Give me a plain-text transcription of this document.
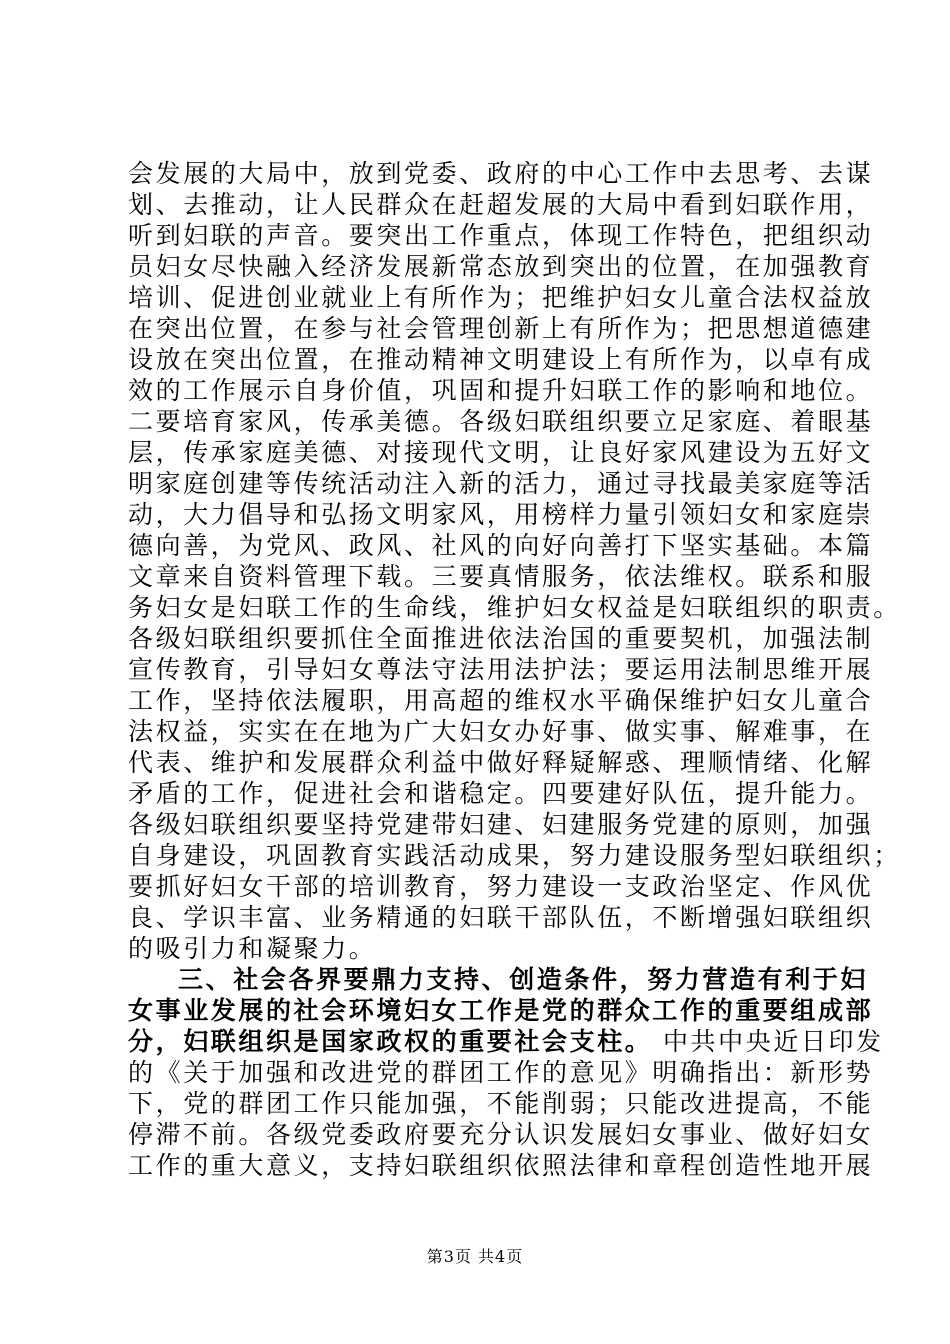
会发展的大局中，放到党委、政府的中心工作中去思考、去谋
划、去推动，让人民群众在赶超发展的大局中看到妇联作用，
听到妇联的声音。要突出工作重点，体现工作特色，把组织动
员妇女尽快融入经济发展新常态放到突出的位置，在加强教育
培训、促进创业就业上有所作为；把维护妇女儿童合法权益放
在突出位置，在参与社会管理创新上有所作为；把思想道德建
设放在突出位置，在推动精神文明建设上有所作为，以卓有成
效的工作展示自身价值，巩固和提升妇联工作的影响和地位。
二要培育家风，传承美德。各级妇联组织要立足家庭、着眼基
层，传承家庭美德、对接现代文明，让良好家风建设为五好文
明家庭创建等传统活动注入新的活力，通过寻找最美家庭等活
动，大力倡导和弘扬文明家风，用榜样力量引领妇女和家庭崇
德向善，为党风、政风、社风的向好向善打下坚实基础。本篇
文章来自资料管理下载。三要真情服务，依法维权。联系和服
务妇女是妇联工作的生命线，维护妇女权益是妇联组织的职责。
各级妇联组织要抓住全面推进依法治国的重要契机，加强法制
宣传教育，引导妇女尊法守法用法护法；要运用法制思维开展
工作，坚持依法履职，用高超的维权水平确保维护妇女儿童合
法权益，实实在在地为广大妇女办好事、做实事、解难事，在
代表、维护和发展群众利益中做好释疑解惑、理顺情绪、化解
矛盾的工作，促进社会和谐稳定。四要建好队伍，提升能力。
各级妇联组织要坚持党建带妇建、妇建服务党建的原则，加强
自身建设，巩固教育实践活动成果，努力建设服务型妇联组织；
要抓好妇女干部的培训教育，努力建设一支政治坚定、作风优
良、学识丰富、业务精通的妇联干部队伍，不断增强妇联组织
的吸引力和凝聚力。
三、社会各界要鼎力支持、创造条件，努力营造有利于妇
女事业发展的社会环境妇女工作是党的群众工作的重要组成部
分，妇联组织是国家政权的重要社会支柱。 中共中央近日印发
的《关于加强和改进党的群团工作的意见》明确指出：新形势
下，党的群团工作只能加强，不能削弱；只能改进提高，不能
停滞不前。各级党委政府要充分认识发展妇女事业、做好妇女
工作的重大意义，支持妇联组织依照法律和章程创造性地开展
第3页 共4页
